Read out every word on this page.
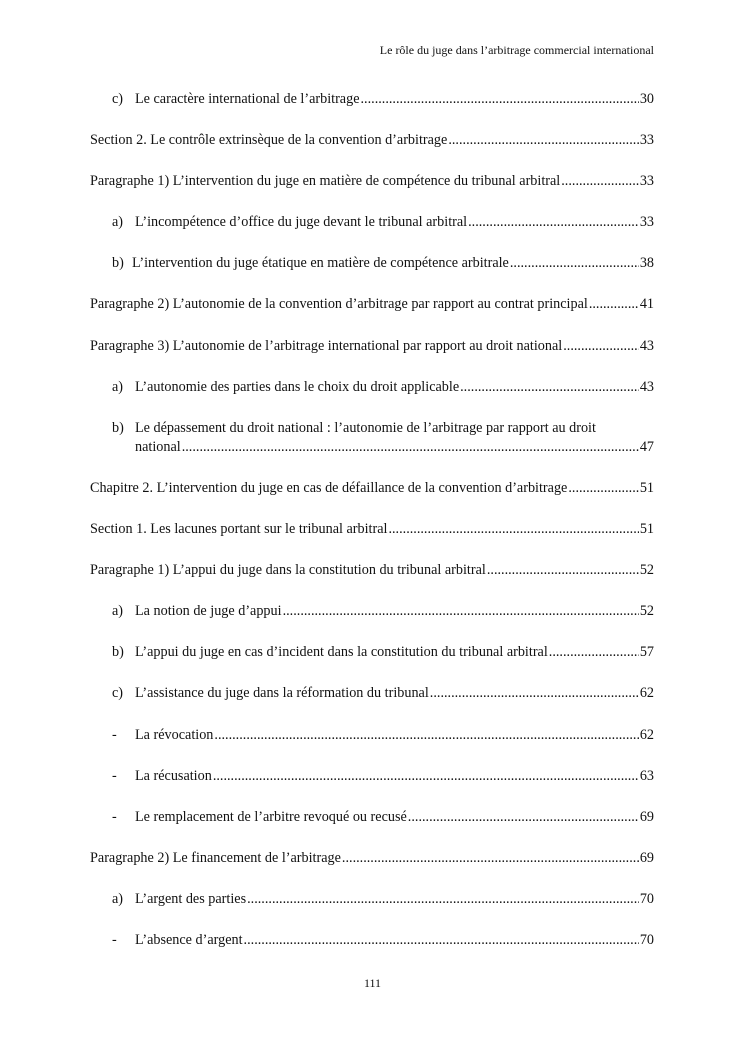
Le rôle du juge dans l’arbitrage commercial international
c) Le caractère international de l’arbitrage .....	30
Section 2. Le contrôle extrinsèque de la convention d’arbitrage .....	33
Paragraphe 1) L’intervention du juge en matière de compétence du tribunal arbitral .....	33
a) L’incompétence d’office du juge devant le tribunal arbitral .....	33
b) L’intervention du juge étatique en matière de compétence arbitrale .....	38
Paragraphe 2) L’autonomie de la convention d’arbitrage par rapport au contrat principal .....	41
Paragraphe 3) L’autonomie de l’arbitrage international par rapport au droit national .....	43
a) L’autonomie des parties dans le choix du droit applicable .....	43
b) Le dépassement du droit national : l’autonomie de l’arbitrage par rapport au droit
national .....	47
Chapitre 2. L’intervention du juge en cas de défaillance de la convention d’arbitrage .....	51
Section 1. Les lacunes portant sur le tribunal arbitral .....	51
Paragraphe 1) L’appui du juge dans la constitution du tribunal arbitral .....	52
a) La notion de juge d’appui .....	52
b) L’appui du juge en cas d’incident dans la constitution du tribunal arbitral .....	57
c) L’assistance du juge dans la réformation du tribunal .....	62
-	La révocation .....	62
-	La récusation .....	63
-	Le remplacement de l’arbitre revoqué ou recusé .....	69
Paragraphe 2) Le financement de l’arbitrage .....	69
a) L’argent des parties .....	70
-	L’absence d’argent .....	70
111
